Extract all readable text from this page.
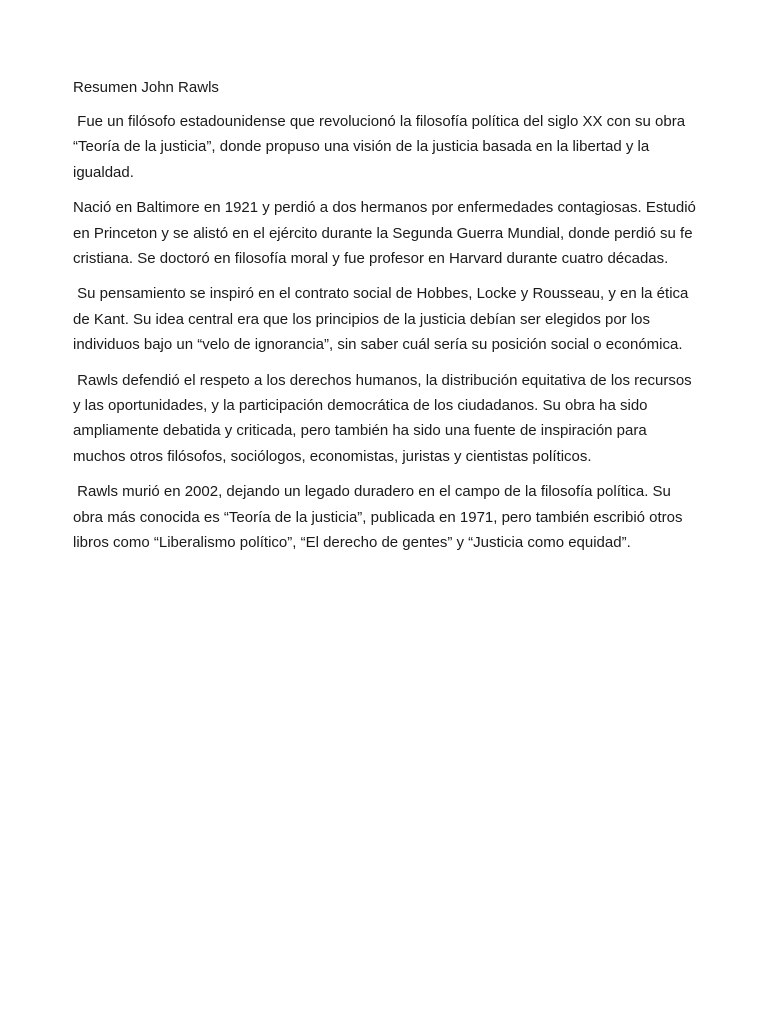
Resumen John Rawls

Fue un filósofo estadounidense que revolucionó la filosofía política del siglo XX con su obra “Teoría de la justicia”, donde propuso una visión de la justicia basada en la libertad y la igualdad.

Nació en Baltimore en 1921 y perdió a dos hermanos por enfermedades contagiosas. Estudió en Princeton y se alistó en el ejército durante la Segunda Guerra Mundial, donde perdió su fe cristiana. Se doctoró en filosofía moral y fue profesor en Harvard durante cuatro décadas.

Su pensamiento se inspiró en el contrato social de Hobbes, Locke y Rousseau, y en la ética de Kant. Su idea central era que los principios de la justicia debían ser elegidos por los individuos bajo un “velo de ignorancia”, sin saber cuál sería su posición social o económica.

Rawls defendió el respeto a los derechos humanos, la distribución equitativa de los recursos y las oportunidades, y la participación democrática de los ciudadanos. Su obra ha sido ampliamente debatida y criticada, pero también ha sido una fuente de inspiración para muchos otros filósofos, sociólogos, economistas, juristas y cientistas políticos.

Rawls murió en 2002, dejando un legado duradero en el campo de la filosofía política. Su obra más conocida es “Teoría de la justicia”, publicada en 1971, pero también escribió otros libros como “Liberalismo político”, “El derecho de gentes” y “Justicia como equidad”.
